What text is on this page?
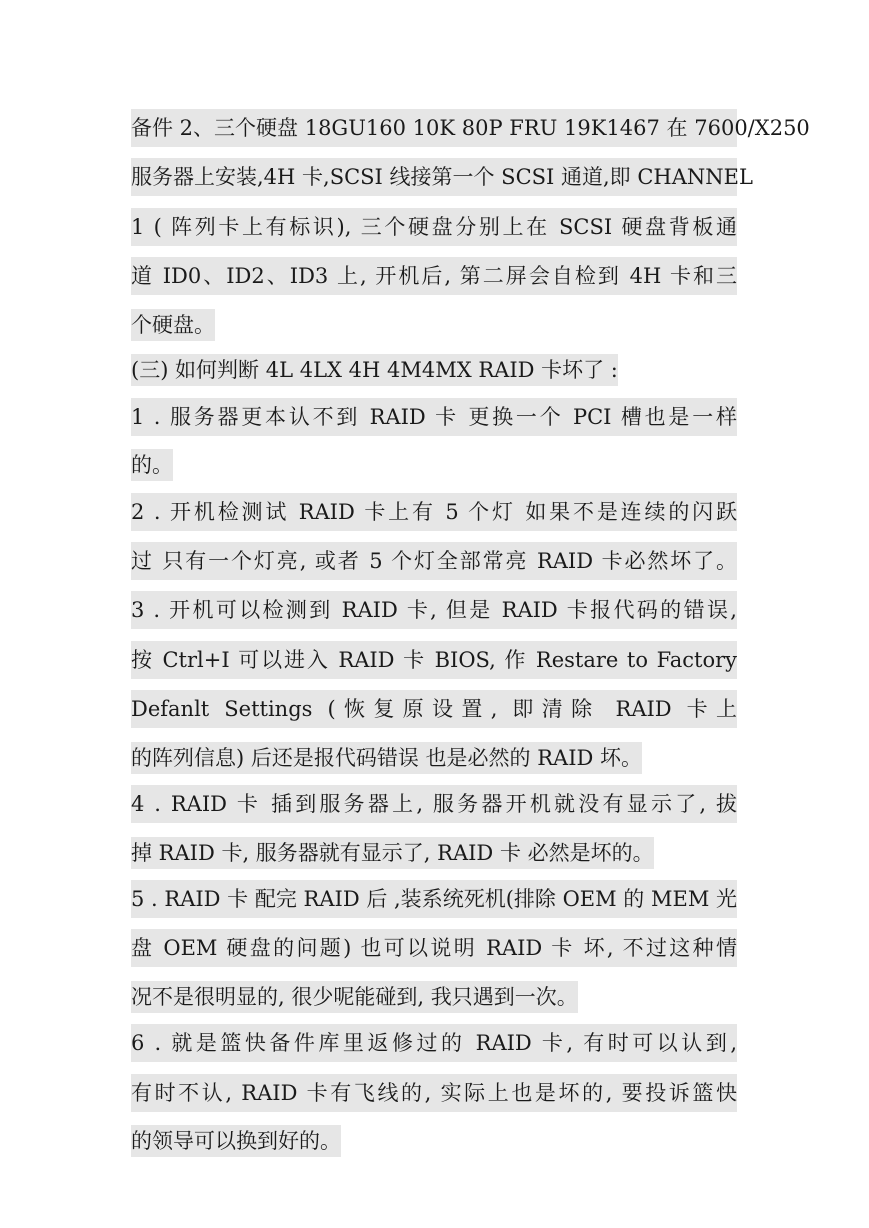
备件 2、三个硬盘 18GU160 10K 80P FRU 19K1467 在 7600/X250
服务器上安装,4H 卡,SCSI 线接第一个 SCSI 通道,即 CHANNEL
1 ( 阵列卡上有标识), 三个硬盘分别上在 SCSI 硬盘背板通
道 ID0、ID2、ID3 上, 开机后, 第二屏会自检到 4H 卡和三
个硬盘。
(三) 如何判断 4L 4LX 4H 4M4MX RAID 卡坏了 :
1 . 服务器更本认不到 RAID 卡 更换一个 PCI 槽也是一样
的。
2 . 开机检测试 RAID 卡上有 5 个灯 如果不是连续的闪跃
过 只有一个灯亮, 或者 5 个灯全部常亮 RAID 卡必然坏了。
3 . 开机可以检测到 RAID 卡, 但是 RAID 卡报代码的错误,
按 Ctrl+I 可以进入 RAID 卡 BIOS, 作 Restare to Factory
Defanlt Settings (恢复原设置, 即清除 RAID 卡上
的阵列信息) 后还是报代码错误 也是必然的 RAID 坏。
4 . RAID 卡 插到服务器上, 服务器开机就没有显示了, 拔
掉 RAID 卡, 服务器就有显示了, RAID 卡 必然是坏的。
5 . RAID 卡 配完 RAID 后 ,装系统死机(排除 OEM 的 MEM 光
盘 OEM 硬盘的问题) 也可以说明 RAID 卡 坏, 不过这种情
况不是很明显的, 很少呢能碰到, 我只遇到一次。
6 . 就是篮快备件库里返修过的 RAID 卡, 有时可以认到,
有时不认, RAID 卡有飞线的, 实际上也是坏的, 要投诉篮快
的领导可以换到好的。
